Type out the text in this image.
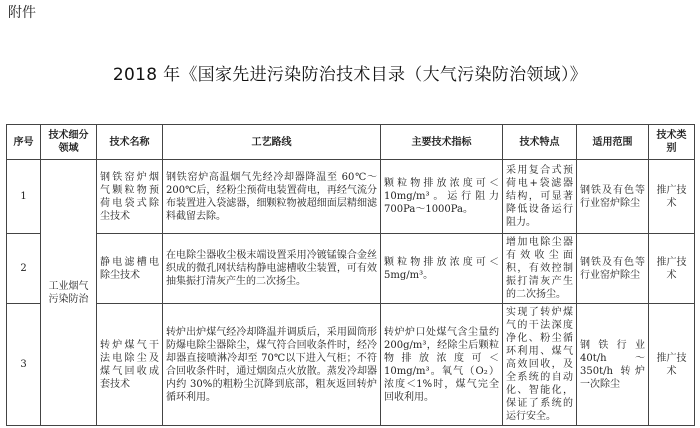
附件
2018 年《国家先进污染防治技术目录（大气污染防治领域）》
序号	技术细分领域	技术名称	工艺路线	主要技术指标	技术特点	适用范围	技术类别
1	工业烟气污染防治	钢铁窑炉烟气颗粒物预荷电袋式除尘技术	钢铁窑炉高温烟气先经冷却器降温至 60℃～200℃后，经粉尘预荷电装置荷电，再经气流分布装置进入袋滤器，细颗粒物被超细面层精细滤料截留去除。	颗粒物排放浓度可＜10mg/m³。运行阻力700Pa～1000Pa。	采用复合式预荷电+袋滤器结构，可显著降低设备运行阻力。	钢铁及有色等行业窑炉除尘	推广技术
2		静电滤槽电除尘技术	在电除尘器收尘极末端设置采用冷镀锰镍合金丝织成的微孔网状结构静电滤槽收尘装置，可有效抽集振打清灰产生的二次扬尘。	颗粒物排放浓度可＜5mg/m³。	增加电除尘器有效收尘面积，有效控制振打清灰产生的二次扬尘。	钢铁及有色等行业窑炉除尘	推广技术
3		转炉煤气干法电除尘及煤气回收成套技术	转炉出炉煤气经冷却降温并调质后，采用圆筒形防爆电除尘器除尘，煤气符合回收条件时，经冷却器直接喷淋冷却至 70℃以下进入气柜；不符合回收条件时，通过烟囱点火放散。蒸发冷却器内约 30%的粗粉尘沉降到底部，粗灰返回转炉循环利用。	转炉炉口处煤气含尘量约 200g/m³，经除尘后颗粒物排放浓度可＜10mg/m³。氧气（O₂）浓度＜1%时，煤气完全回收利用。	实现了转炉煤气的干法深度净化、粉尘循环利用、煤气高效回收，及全系统的自动化、智能化，保证了系统的运行安全。	钢铁行业40t/h～350t/h 转炉一次除尘	推广技术
